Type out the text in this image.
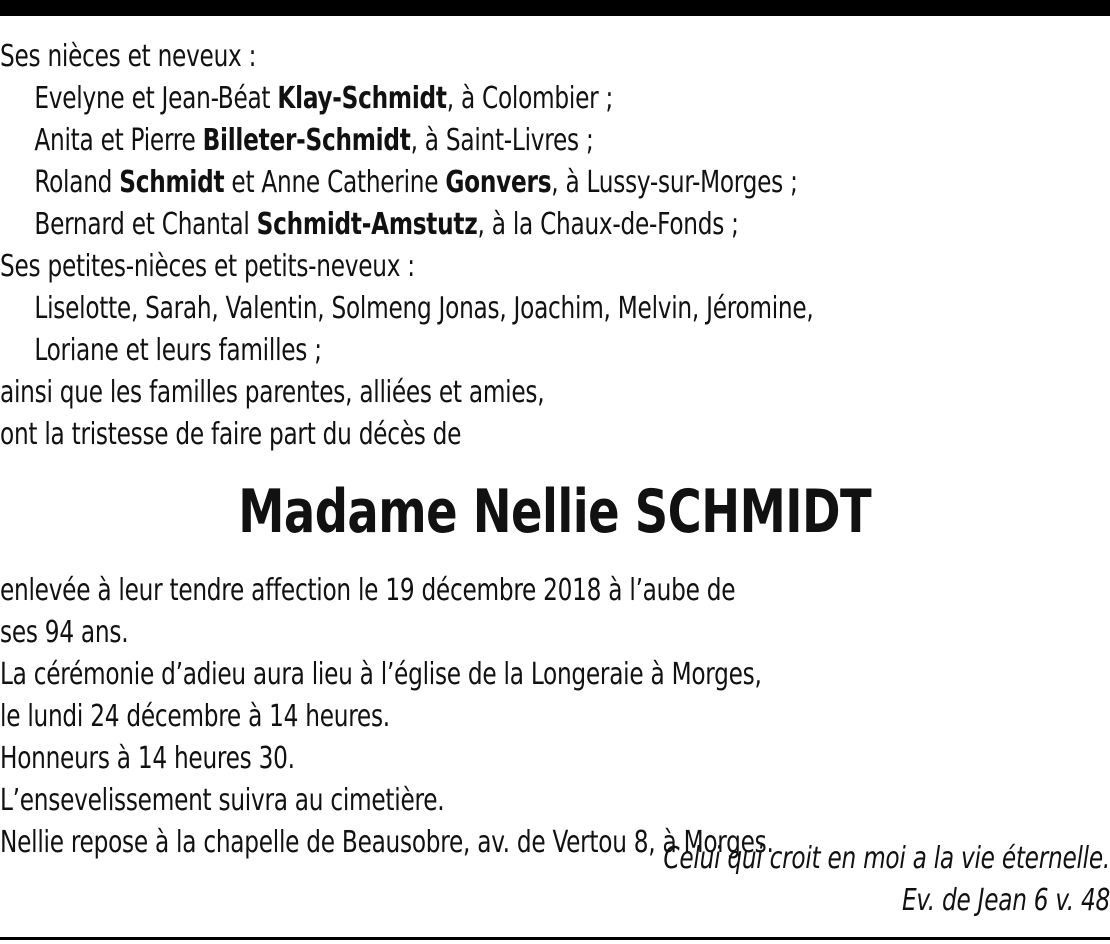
Ses nièces et neveux :
Evelyne et Jean-Béat Klay-Schmidt, à Colombier ;
Anita et Pierre Billeter-Schmidt, à Saint-Livres ;
Roland Schmidt et Anne Catherine Gonvers, à Lussy-sur-Morges ;
Bernard et Chantal Schmidt-Amstutz, à la Chaux-de-Fonds ;
Ses petites-nièces et petits-neveux :
Liselotte, Sarah, Valentin, Solmeng Jonas, Joachim, Melvin, Jéromine,
Loriane et leurs familles ;
ainsi que les familles parentes, alliées et amies,
ont la tristesse de faire part du décès de
Madame Nellie SCHMIDT
enlevée à leur tendre affection le 19 décembre 2018 à l’aube de
ses 94 ans.
La cérémonie d’adieu aura lieu à l’église de la Longeraie à Morges,
le lundi 24 décembre à 14 heures.
Honneurs à 14 heures 30.
L’ensevelissement suivra au cimetière.
Nellie repose à la chapelle de Beausobre, av. de Vertou 8, à Morges.
Celui qui croit en moi a la vie éternelle.
Ev. de Jean 6 v. 48
